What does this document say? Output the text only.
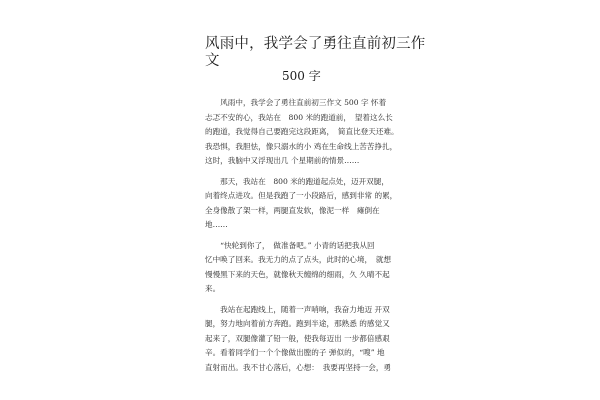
风雨中，我学会了勇往直前初三作
文
500 字
　　风雨中，我学会了勇往直前初三作文 500 字 怀着
忐忑不安的心，我站在　800 米的跑道前，　望着这么长
的跑道，我觉得自己要跑完这段距离，　简直比登天还难。
我恐惧，我胆怯，像只溺水的小 鸡在生命线上苦苦挣扎，
这时，我脑中又浮现出几 个星期前的情景……
　　那天，我站在　800 米的跑道起点处，迈开双腿，
向着终点进攻。但是我跑了一小段路后，感到非常 的累，
全身像散了架一样，两腿直发软，像泥一样　瘫倒在
地……
　　“快轮到你了，　做准备吧。” 小青的话把我从回
忆中唤了回来。我无力的点了点头，此时的心境，　就想
慢慢黑下来的天色，就像秋天缠绵的细雨，久 久晴不起
来。
　　我站在起跑线上，随着一声哨响，我奋力地迈 开双
腿，努力地向着前方奔跑。跑到半途，那熟悉 的感觉又
起来了，双腿像灌了铅一般，使我每迈出 一步都倍感艰
辛。看着同学们一个个像做出膛的子 弹似的，“嗖” 地
直射而出。我不甘心落后，心想：　我要再坚持一会，勇
